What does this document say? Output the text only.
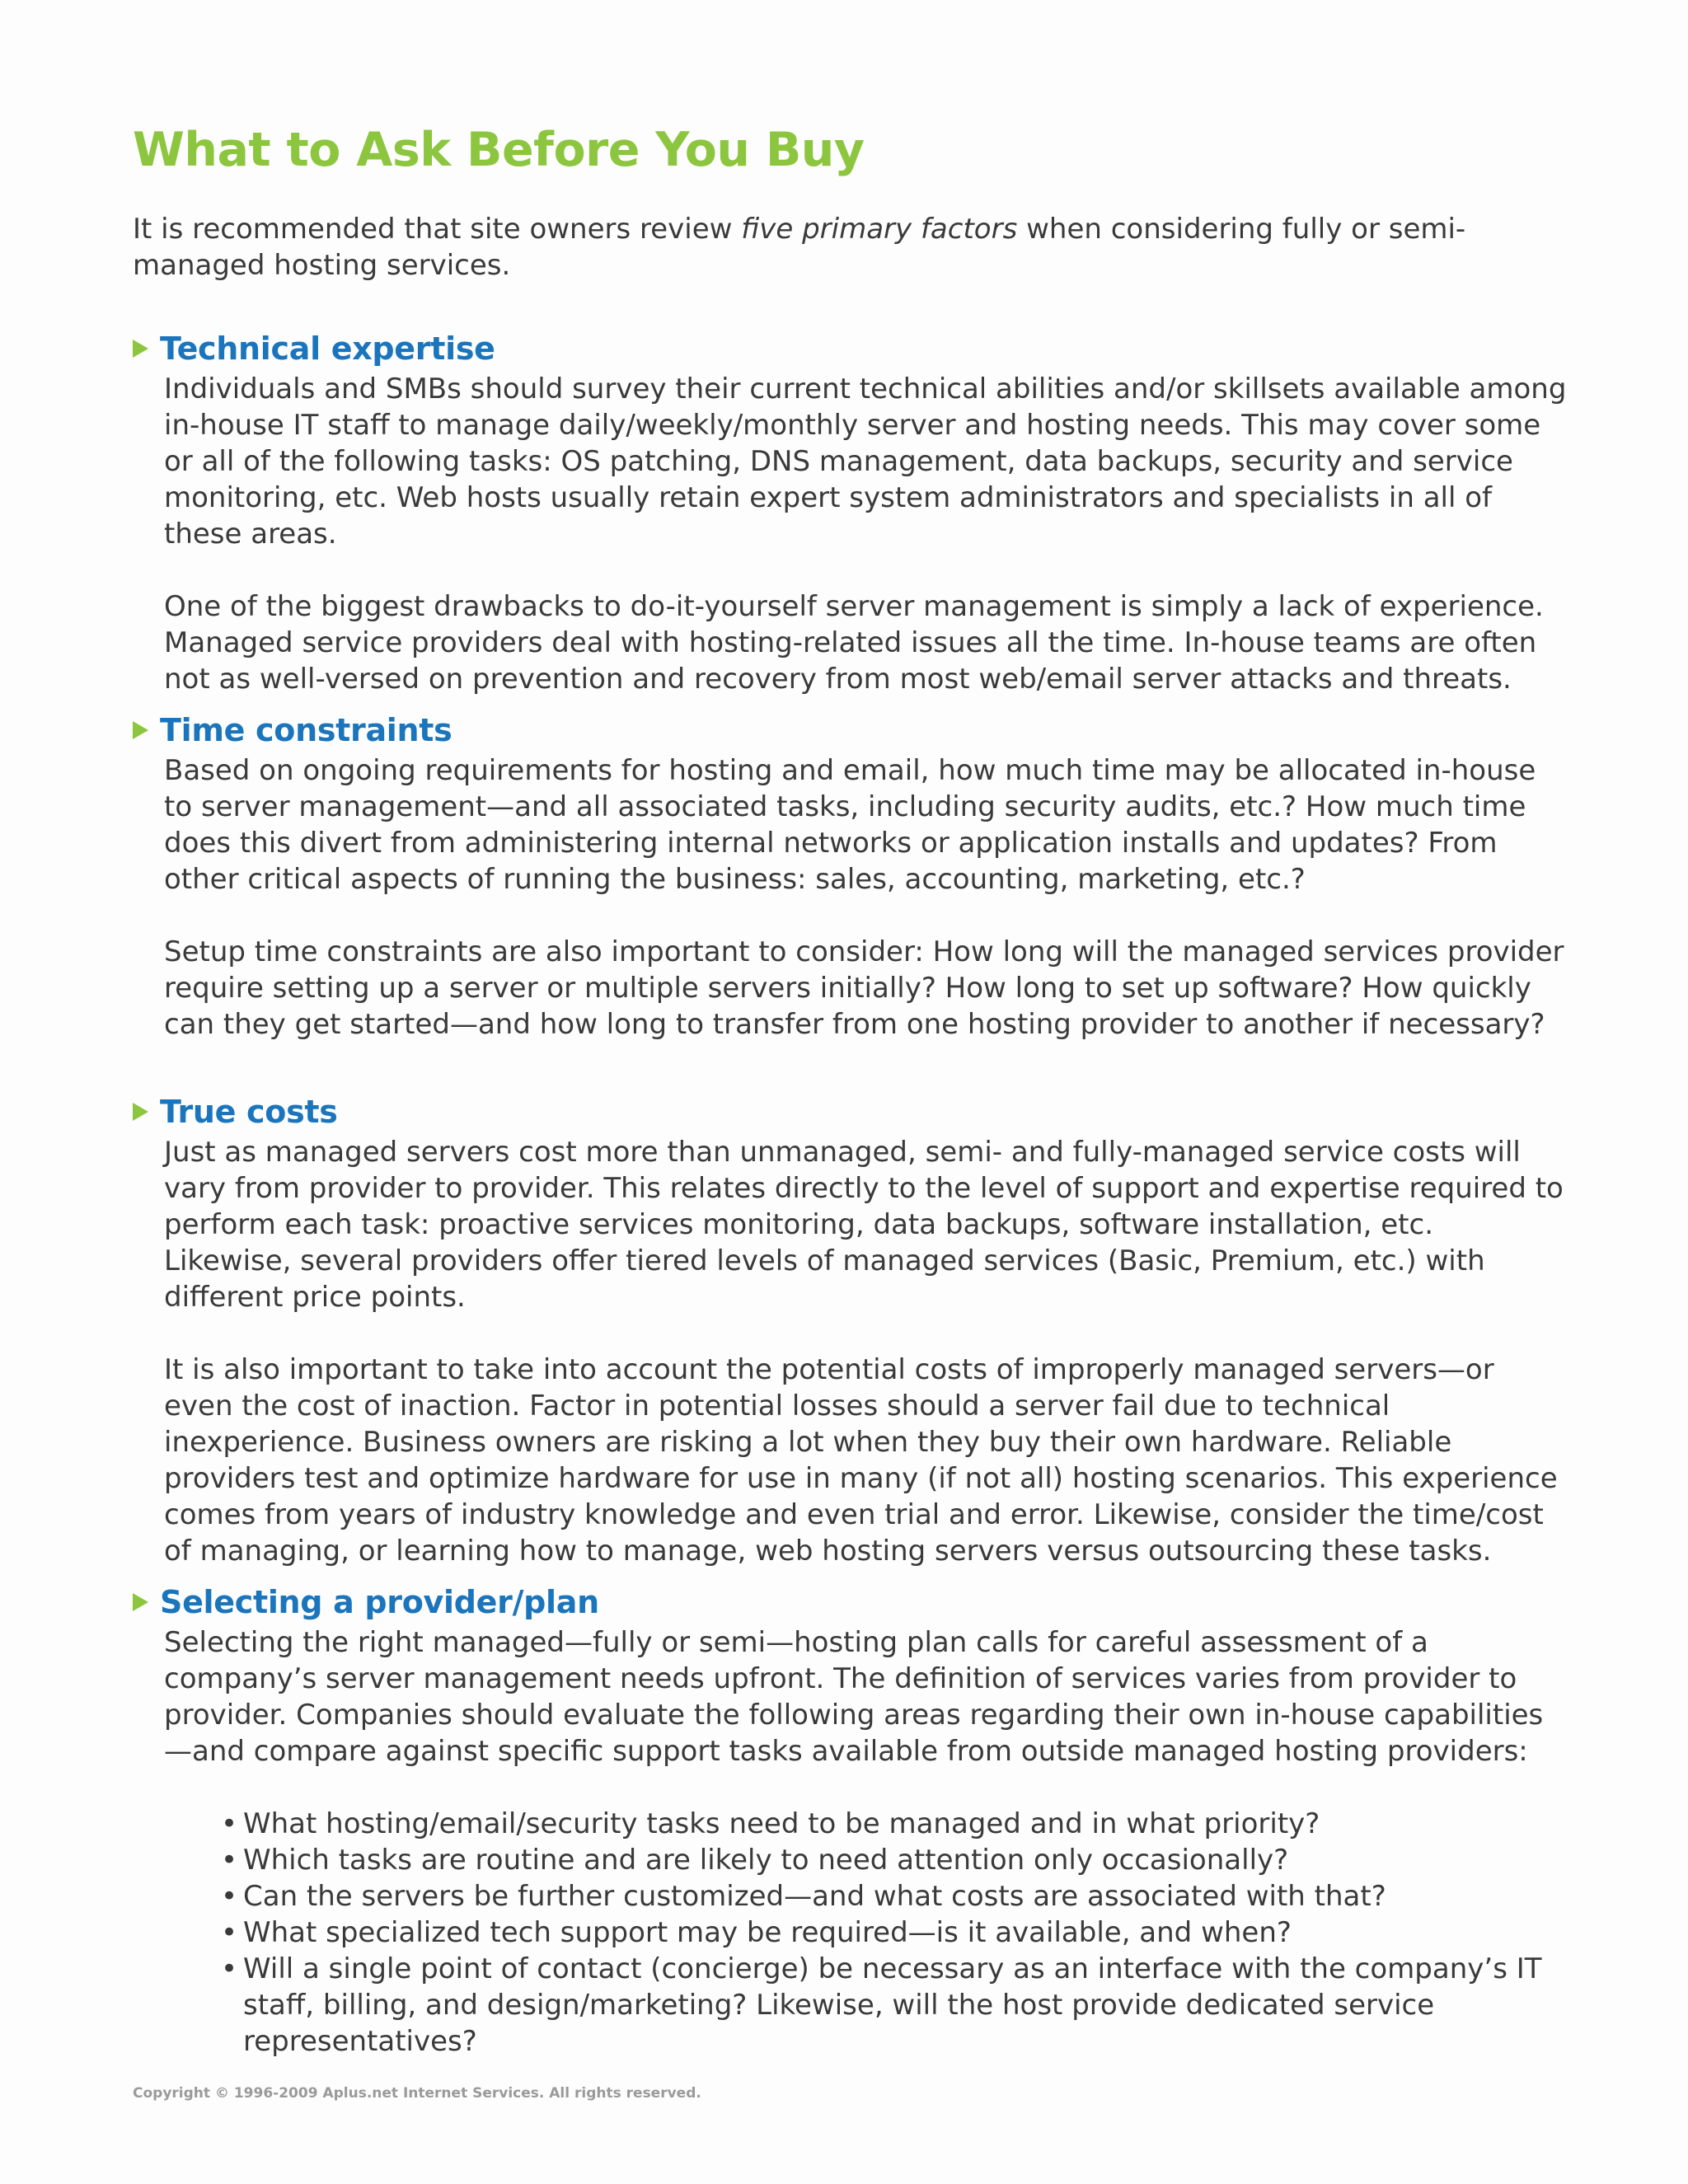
What to Ask Before You Buy

It is recommended that site owners review five primary factors when considering fully or semi-managed hosting services.

Technical expertise

Individuals and SMBs should survey their current technical abilities and/or skillsets available among in-house IT staff to manage daily/weekly/monthly server and hosting needs. This may cover some or all of the following tasks: OS patching, DNS management, data backups, security and service monitoring, etc. Web hosts usually retain expert system administrators and specialists in all of these areas.

One of the biggest drawbacks to do-it-yourself server management is simply a lack of experience. Managed service providers deal with hosting-related issues all the time. In-house teams are often not as well-versed on prevention and recovery from most web/email server attacks and threats.

Time constraints

Based on ongoing requirements for hosting and email, how much time may be allocated in-house to server management—and all associated tasks, including security audits, etc.? How much time does this divert from administering internal networks or application installs and updates? From other critical aspects of running the business: sales, accounting, marketing, etc.?

Setup time constraints are also important to consider: How long will the managed services provider require setting up a server or multiple servers initially? How long to set up software? How quickly can they get started—and how long to transfer from one hosting provider to another if necessary?

True costs

Just as managed servers cost more than unmanaged, semi- and fully-managed service costs will vary from provider to provider. This relates directly to the level of support and expertise required to perform each task: proactive services monitoring, data backups, software installation, etc. Likewise, several providers offer tiered levels of managed services (Basic, Premium, etc.) with different price points.

It is also important to take into account the potential costs of improperly managed servers—or even the cost of inaction. Factor in potential losses should a server fail due to technical inexperience. Business owners are risking a lot when they buy their own hardware. Reliable providers test and optimize hardware for use in many (if not all) hosting scenarios. This experience comes from years of industry knowledge and even trial and error. Likewise, consider the time/cost of managing, or learning how to manage, web hosting servers versus outsourcing these tasks.

Selecting a provider/plan

Selecting the right managed—fully or semi—hosting plan calls for careful assessment of a company’s server management needs upfront. The definition of services varies from provider to provider. Companies should evaluate the following areas regarding their own in-house capabilities—and compare against specific support tasks available from outside managed hosting providers:

• What hosting/email/security tasks need to be managed and in what priority?
• Which tasks are routine and are likely to need attention only occasionally?
• Can the servers be further customized—and what costs are associated with that?
• What specialized tech support may be required—is it available, and when?
• Will a single point of contact (concierge) be necessary as an interface with the company’s IT staff, billing, and design/marketing? Likewise, will the host provide dedicated service representatives?

Copyright © 1996-2009 Aplus.net Internet Services. All rights reserved.
